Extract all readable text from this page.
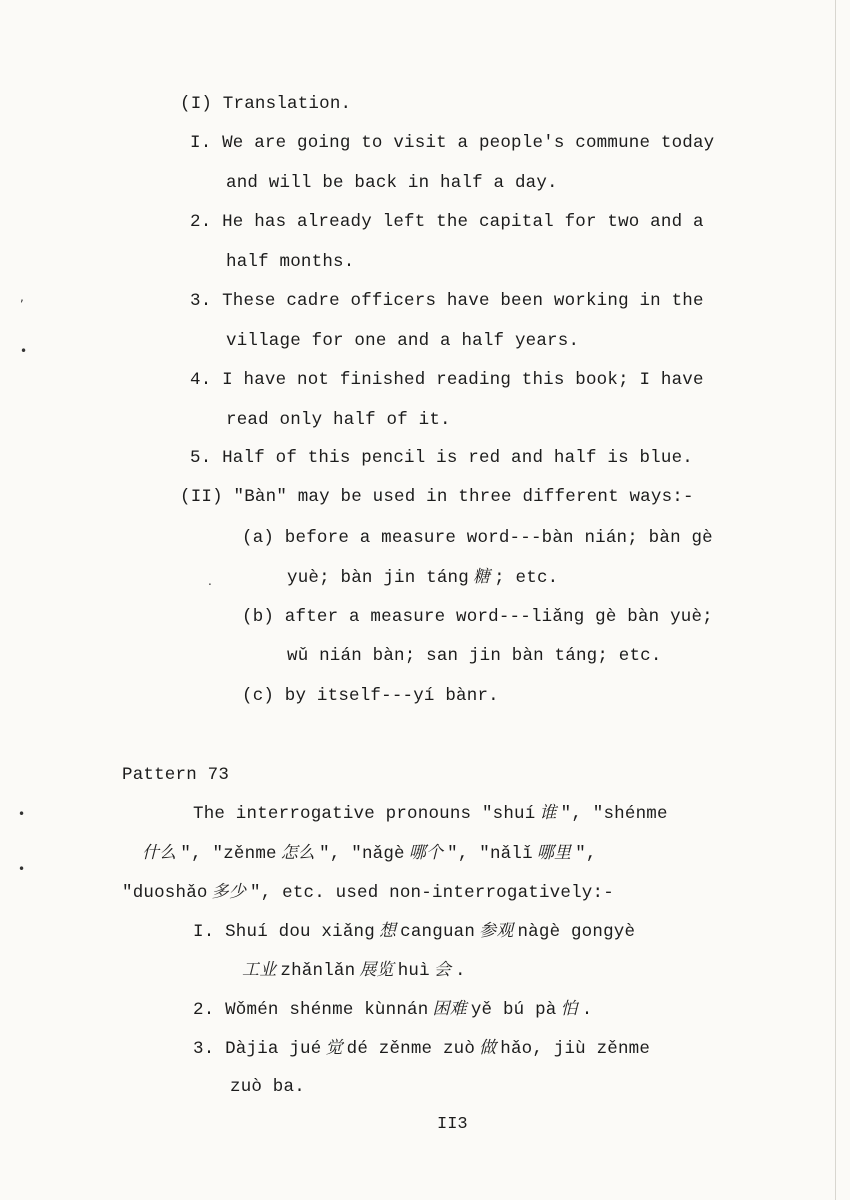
,
•
•
•
.
(I) Translation.
I. We are going to visit a people's commune today
and will be back in half a day.
2. He has already left the capital for two and a
half months.
3. These cadre officers have been working in the
village for one and a half years.
4. I have not finished reading this book; I have
read only half of it.
5. Half of this pencil is red and half is blue.
(II) "Bàn" may be used in three different ways:-
(a) before a measure word---bàn nián; bàn gè
yuè; bàn jin táng 糖 ; etc.
(b) after a measure word---liǎng gè bàn yuè;
wǔ nián bàn; san jin bàn táng; etc.
(c) by itself---yí bànr.
Pattern 73
The interrogative pronouns "shuí 谁 ", "shénme
什么 ", "zěnme 怎么 ", "nǎgè 哪个 ", "nǎlǐ 哪里 ",
"duoshǎo 多少 ", etc. used non-interrogatively:-
I. Shuí dou xiǎng 想 canguan 参观 nàgè gongyè
工业 zhǎnlǎn 展览 huì 会 .
2. Wǒmén shénme kùnnán 困难 yě bú pà 怕 .
3. Dàjia jué 觉 dé zěnme zuò 做 hǎo, jiù zěnme
zuò ba.
II3
